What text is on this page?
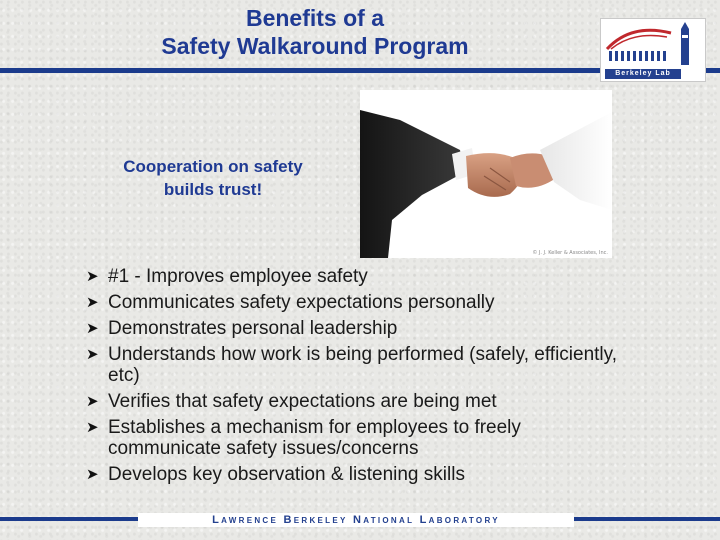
Benefits of a
Safety Walkaround Program
Berkeley Lab
© J. J. Keller & Associates, Inc.
Cooperation on safety
builds trust!
➤ #1 - Improves employee safety
➤ Communicates safety expectations personally
➤ Demonstrates personal leadership
➤ Understands how work is being performed (safely, efficiently, etc)
➤ Verifies that safety expectations are being met
➤ Establishes a mechanism for employees to freely communicate safety issues/concerns
➤ Develops key observation & listening skills
Lawrence Berkeley National Laboratory
